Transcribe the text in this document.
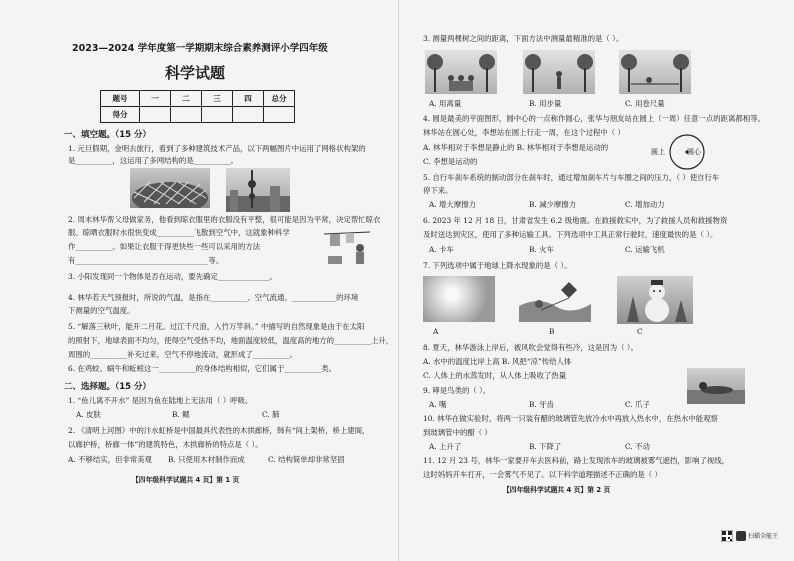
2023—2024 学年度第一学期期末综合素养测评小学四年级
科学试题
题号	一	二	三	四	总分
得分					
一、填空题。（15 分）
1. 元旦假期，金明去旅行，看到了多种建筑技术产品，以下两幅图片中运用了网格状构架的
是__________，这运用了多网结构的是__________。
2. 周末林华帮父母做家务，他看到晾衣服里的衣服没有平整，很可能是因为平常，决定帮忙晾衣
服。晾晒衣服时水很快变成__________飞散到空气中，这就象种科学
作__________。如果让衣服干得更快些一些可以采用的方法
有____________________________________等。
3. 小阳发现同一个物体是否在运动，要先确定______________。
4. 林华若天气预报时，所说的气温，是指在__________、空气流通、____________的环境
下测量的空气温度。
5. “解落三秋叶，能开二月花。过江千尺浪，入竹万竿斜。” 中描写的自然现象是由于在太阳
的照射下，地球表面不均匀，使得空气受热不均，地面温度较低，温度高的地方的__________上升，
周围的__________补充过来，空气不停地流动，就形成了__________。
6. 在鸡蛟、蜗牛和蚯蚓这一__________的身体结构相似，它们属于__________类。
二、选择题。（15 分）
1. “鱼儿离不开水” 是因为鱼在陆地上无法用（ ）呼吸。
A. 皮肤	B. 鳃	C. 肺
2. 《清明上河图》中的汴水虹桥是中国最具代表性的木拱廊桥，韩有“间上架桥，桥上建阁，
以廊护桥，桥廊一体”的建筑特色，木拱廊桥的特点是（ ）。
A. 不够结实，但非常美观 B. 只使用木材制作而成	C. 结构简单却非常坚固
【四年级科学试题共 4 页】第 1 页
3. 测量两棵树之间的距离，下面方法中测量最精准的是（ ）。
A. 用离量	B. 用步量	C. 用卷尺量
4. 圆是最美的平面图形，圆中心的一点称作圆心，张华与朋友站在圆上（一周）任意一点的距离都相等。
林华站在圆心处，李想站在圆上行走一周，在这个过程中（ ）
A. 林华相对于李想是静止的 B. 林华相对于李想是运动的
C. 李想是运动的
圆上	圆心
5. 自行车刹车系统的制动部分在刹车时，通过增加刹车片与车圈之间的压力，（ ）使自行车
停下来。
A. 增大摩擦力	B. 减少摩擦力	C. 增加动力
6. 2023 年 12 月 18 日，甘肃省发生 6.2 级地震。在救援救实中，为了救援人员和救援物资
及时送达到灾区，使用了多种运输工具。下列选项中工具正常行驶时，速度最快的是（ ）。
A. 卡车	B. 火车	C. 运输飞机
7. 下列选项中属于地球上降水现象的是（ ）。
A	B	C
8. 夏天，林华游泳上岸后，被风吹会觉得有些冷，这是因为（ ）。
A. 水中的温度比岸上高 B. 风把“凉”传给人体
C. 人体上的水蒸发时，从人体上吸收了热量
9. 哮是鸟类的（ ）。
A. 嘴	B. 牙齿	C. 爪子
10. 林华在做实验时，将两一只装有醋的玻璃管先放冷水中再放入热水中，在热水中能观察
到玻璃管中的醋（ ）
A. 上升了	B. 下降了	C. 不动
11. 12 月 23 号，林华一家要开车去医科前，路上发现浓车的玻璃被雾气遮挡，影响了视线，
这时妈妈开车打开，一会雾气不见了。以下科学道理描述不正确的是（ ）
【四年级科学试题共 4 页】第 2 页
扫描全能王
